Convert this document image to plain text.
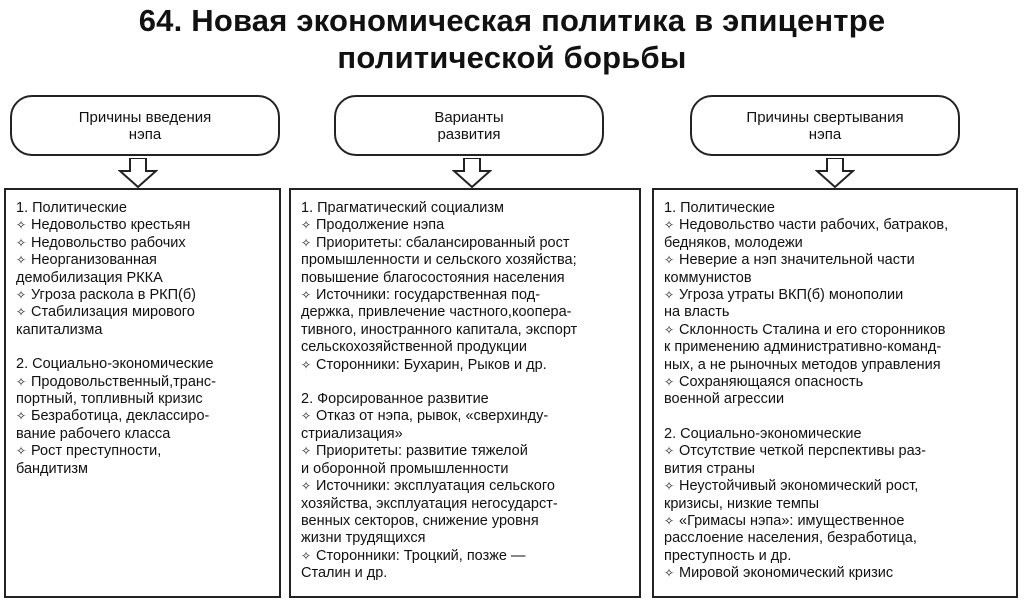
64. Новая экономическая политика в эпицентре
политической борьбы
Причины введения
нэпа
Варианты
развития
Причины свертывания
нэпа
1. Политические
✧ Недовольство крестьян
✧ Недовольство рабочих
✧ Неорганизованная
демобилизация РККА
✧ Угроза раскола в РКП(б)
✧ Стабилизация мирового
капитализма
2. Социально-экономические
✧ Продовольственный,транс-
портный, топливный кризис
✧ Безработица, деклассиро-
вание рабочего класса
✧ Рост преступности,
бандитизм
1. Прагматический социализм
✧ Продолжение нэпа
✧ Приоритеты: сбалансированный рост
промышленности и сельского хозяйства;
повышение благосостояния населения
✧ Источники: государственная под-
держка, привлечение частного,коопера-
тивного, иностранного капитала, экспорт
сельскохозяйственной продукции
✧ Сторонники: Бухарин, Рыков и др.
2. Форсированное развитие
✧ Отказ от нэпа, рывок, «сверхинду-
стриализация»
✧ Приоритеты: развитие тяжелой
и оборонной промышленности
✧ Источники: эксплуатация сельского
хозяйства, эксплуатация негосударст-
венных секторов, снижение уровня
жизни трудящихся
✧ Сторонники: Троцкий, позже —
Сталин и др.
1. Политические
✧ Недовольство части рабочих, батраков,
бедняков, молодежи
✧ Неверие а нэп значительной части
коммунистов
✧ Угроза утраты ВКП(б) монополии
на власть
✧ Склонность Сталина и его сторонников
к применению административно-команд-
ных, а не рыночных методов управления
✧ Сохраняющаяся опасность
военной агрессии
2. Социально-экономические
✧ Отсутствие четкой перспективы раз-
вития страны
✧ Неустойчивый экономический рост,
кризисы, низкие темпы
✧ «Гримасы нэпа»: имущественное
расслоение населения, безработица,
преступность и др.
✧ Мировой экономический кризис
